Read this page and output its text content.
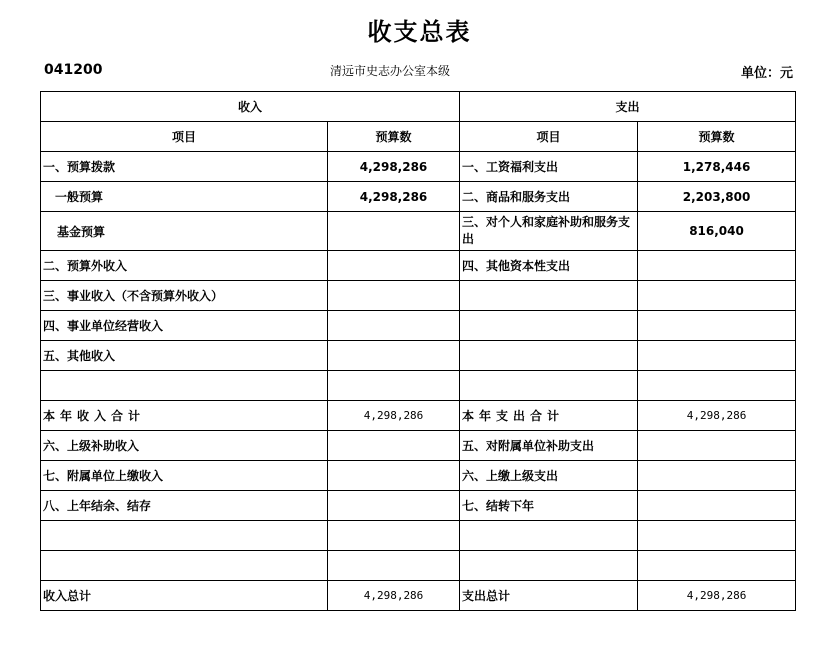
收支总表
041200	清远市史志办公室本级	单位：元
收入		支出	
项目	预算数	项目	预算数
一、预算拨款	4,298,286	一、工资福利支出	1,278,446
一般预算	4,298,286	二、商品和服务支出	2,203,800
基金预算		三、对个人和家庭补助和服务支出	816,040
二、预算外收入		四、其他资本性支出	
三、事业收入（不含预算外收入）			
四、事业单位经营收入			
五、其他收入			

本年收入合计	4,298,286	本年支出合计	4,298,286
六、上级补助收入		五、对附属单位补助支出	
七、附属单位上缴收入		六、上缴上级支出	
八、上年结余、结存		七、结转下年	

收入总计	4,298,286	支出总计	4,298,286
